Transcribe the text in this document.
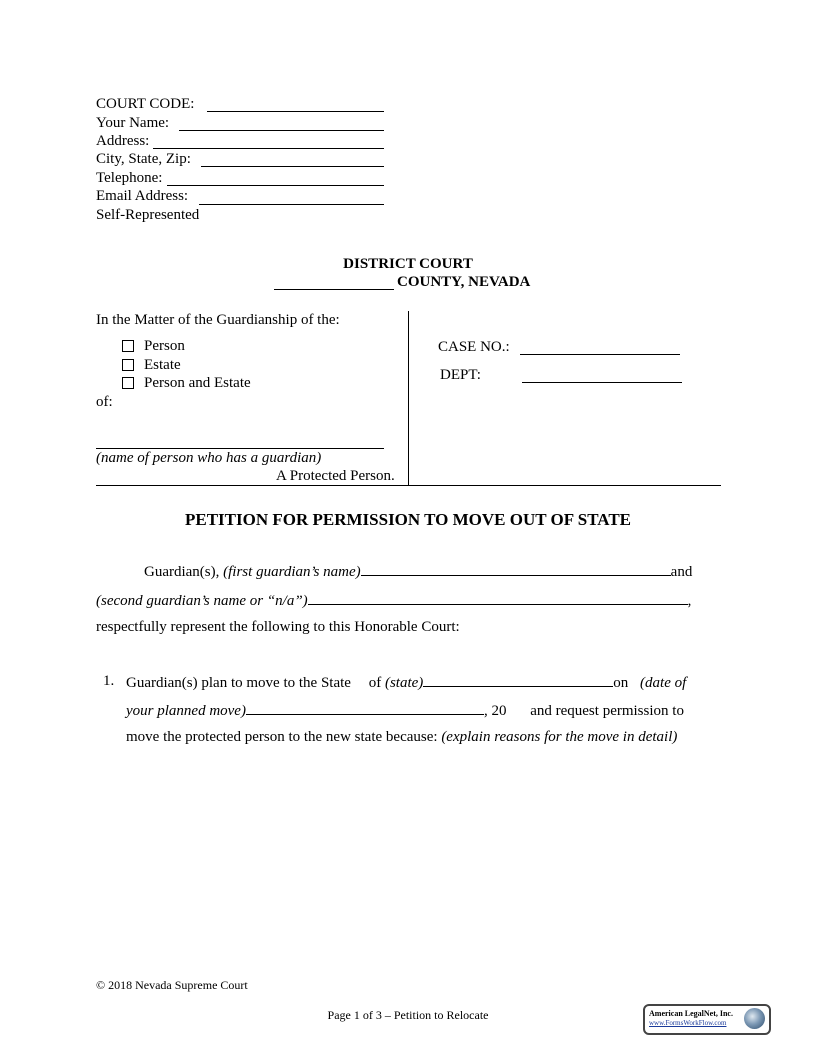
COURT CODE:
Your Name:
Address:
City, State, Zip:
Telephone:
Email Address:
Self-Represented
DISTRICT COURT
COUNTY, NEVADA
In the Matter of the Guardianship of the:
Person
Estate
Person and Estate
of:
(name of person who has a guardian)
A Protected Person.
CASE NO.:
DEPT:
PETITION FOR PERMISSION TO MOVE OUT OF STATE
Guardian(s), (first guardian’s name)	and
(second guardian’s name or “n/a”)	,
respectfully represent the following to this Honorable Court:
1. Guardian(s) plan to move to the State of (state)	on (date of
your planned move)	, 20 and request permission to
move the protected person to the new state because: (explain reasons for the move in detail)
© 2018 Nevada Supreme Court
Page 1 of 3 – Petition to Relocate	American LegalNet, Inc.
www.FormsWorkFlow.com
